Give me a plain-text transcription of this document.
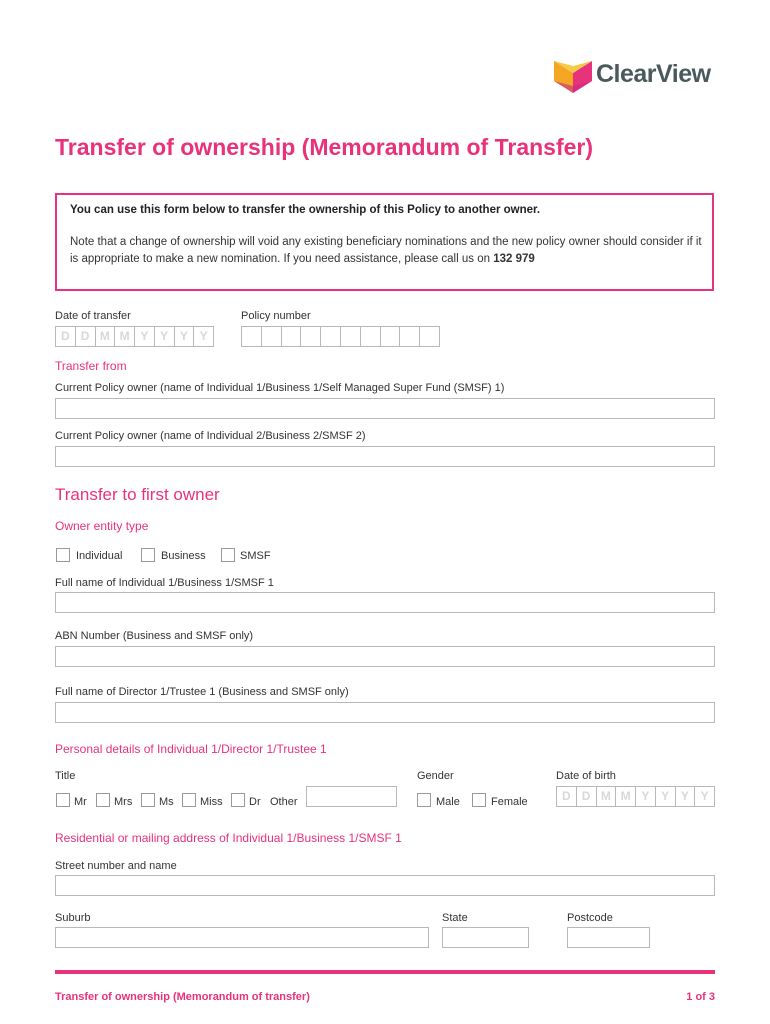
ClearView
Transfer of ownership (Memorandum of Transfer)
You can use this form below to transfer the ownership of this Policy to another owner.
Note that a change of ownership will void any existing beneficiary nominations and the new policy owner should consider if it is appropriate to make a new nomination. If you need assistance, please call us on 132 979
Date of transfer
D D M M Y Y Y Y
Policy number
Transfer from
Current Policy owner (name of Individual 1/Business 1/Self Managed Super Fund (SMSF) 1)
Current Policy owner (name of Individual 2/Business 2/SMSF 2)
Transfer to first owner
Owner entity type
Individual	Business	SMSF
Full name of Individual 1/Business 1/SMSF 1
ABN Number (Business and SMSF only)
Full name of Director 1/Trustee 1 (Business and SMSF only)
Personal details of Individual 1/Director 1/Trustee 1
Title	Gender	Date of birth
Mr Mrs Ms Miss Dr Other	Male	Female	D D M M Y Y Y Y
Residential or mailing address of Individual 1/Business 1/SMSF 1
Street number and name
Suburb	State	Postcode
Transfer of ownership (Memorandum of transfer)	1 of 3
